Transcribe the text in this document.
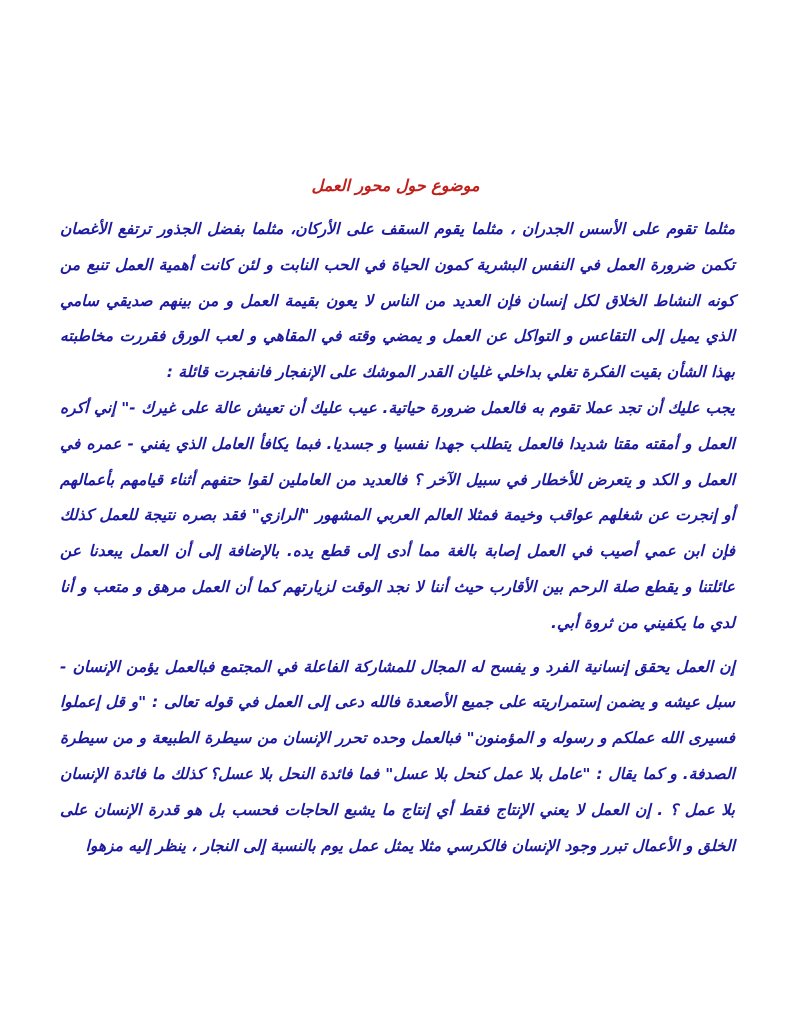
موضوع حول محور العمل

مثلما تقوم على الأسس الجدران ، مثلما يقوم السقف على الأركان، مثلما بفضل الجذور ترتفع الأغصان تكمن ضرورة العمل في النفس البشرية كمون الحياة في الحب النابت و لئن كانت أهمية العمل تنبع من كونه النشاط الخلاق لكل إنسان فإن العديد من الناس لا يعون بقيمة العمل و من بينهم صديقي سامي الذي يميل إلى التقاعس و التواكل عن العمل و يمضي وقته في المقاهي و لعب الورق فقررت مخاطبته بهذا الشأن بقيت الفكرة تغلي بداخلي غليان القدر الموشك على الإنفجار فانفجرت قائلة :

يجب عليك أن تجد عملا تقوم به فالعمل ضرورة حياتية. عيب عليك أن تعيش عالة على غيرك -" إني أكره العمل و أمقته مقتا شديدا فالعمل يتطلب جهدا نفسيا و جسديا. فبما يكافأ العامل الذي يفني - عمره في العمل و الكد و يتعرض للأخطار في سبيل الآخر ؟ فالعديد من العاملين لقوا حتفهم أثناء قيامهم بأعمالهم أو إنجرت عن شغلهم عواقب وخيمة فمثلا العالم العربي المشهور "الرازي" فقد بصره نتيجة للعمل كذلك فإن ابن عمي أصيب في العمل إصابة بالغة مما أدى إلى قطع يده. بالإضافة إلى أن العمل يبعدنا عن عائلتنا و يقطع صلة الرحم بين الأقارب حيث أننا لا نجد الوقت لزيارتهم كما أن العمل مرهق و متعب و أنا لدي ما يكفيني من ثروة أبي.

إن العمل يحقق إنسانية الفرد و يفسح له المجال للمشاركة الفاعلة في المجتمع فبالعمل يؤمن الإنسان - سبل عيشه و يضمن إستمراريته على جميع الأصعدة فالله دعى إلى العمل في قوله تعالى : "و قل إعملوا فسيرى الله عملكم و رسوله و المؤمنون" فبالعمل وحده تحرر الإنسان من سيطرة الطبيعة و من سيطرة الصدفة. و كما يقال : "عامل بلا عمل كنحل بلا عسل" فما فائدة النحل بلا عسل؟ كذلك ما فائدة الإنسان بلا عمل ؟ . إن العمل لا يعني الإنتاج فقط أي إنتاج ما يشبع الحاجات فحسب بل هو قدرة الإنسان على الخلق و الأعمال تبرر وجود الإنسان فالكرسي مثلا يمثل عمل يوم بالنسبة إلى النجار ، ينظر إليه مزهوا
